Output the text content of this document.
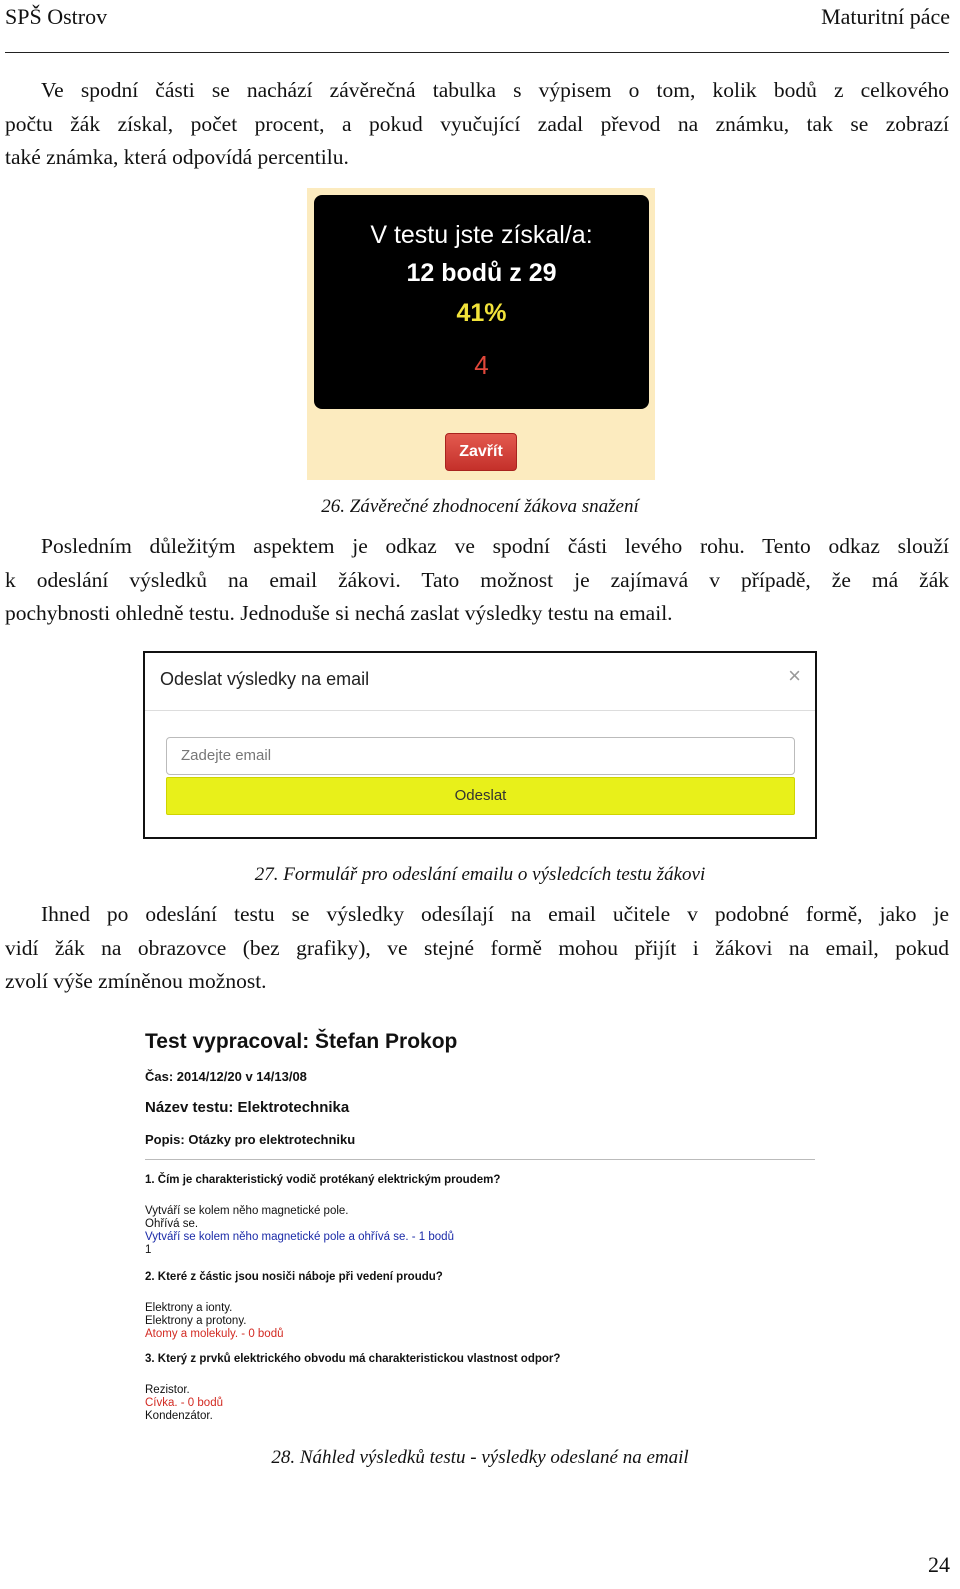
SPŠ Ostrov	Maturitní páce
Ve spodní části se nachází závěrečná tabulka s výpisem o tom, kolik bodů z celkového
počtu žák získal, počet procent, a pokud vyučující zadal převod na známku, tak se zobrazí
také známka, která odpovídá percentilu.
V testu jste získal/a:
12 bodů z 29
41%
4
Zavřít
26. Závěrečné zhodnocení žákova snažení
Posledním důležitým aspektem je odkaz ve spodní části levého rohu. Tento odkaz slouží
k odeslání výsledků na email žákovi. Tato možnost je zajímavá v případě, že má žák
pochybnosti ohledně testu. Jednoduše si nechá zaslat výsledky testu na email.
Odeslat výsledky na email	×
Zadejte email
Odeslat
27. Formulář pro odeslání emailu o výsledcích testu žákovi
Ihned po odeslání testu se výsledky odesílají na email učitele v podobné formě, jako je
vidí žák na obrazovce (bez grafiky), ve stejné formě mohou přijít i žákovi na email, pokud
zvolí výše zmíněnou možnost.
Test vypracoval: Štefan Prokop
Čas: 2014/12/20 v 14/13/08
Název testu: Elektrotechnika
Popis: Otázky pro elektrotechniku
1. Čím je charakteristický vodič protékaný elektrickým proudem?
Vytváří se kolem něho magnetické pole.
Ohřívá se.
Vytváří se kolem něho magnetické pole a ohřívá se. - 1 bodů
1
2. Které z částic jsou nosiči náboje při vedení proudu?
Elektrony a ionty.
Elektrony a protony.
Atomy a molekuly. - 0 bodů
3. Který z prvků elektrického obvodu má charakteristickou vlastnost odpor?
Rezistor.
Cívka. - 0 bodů
Kondenzátor.
28. Náhled výsledků testu - výsledky odeslané na email
24
